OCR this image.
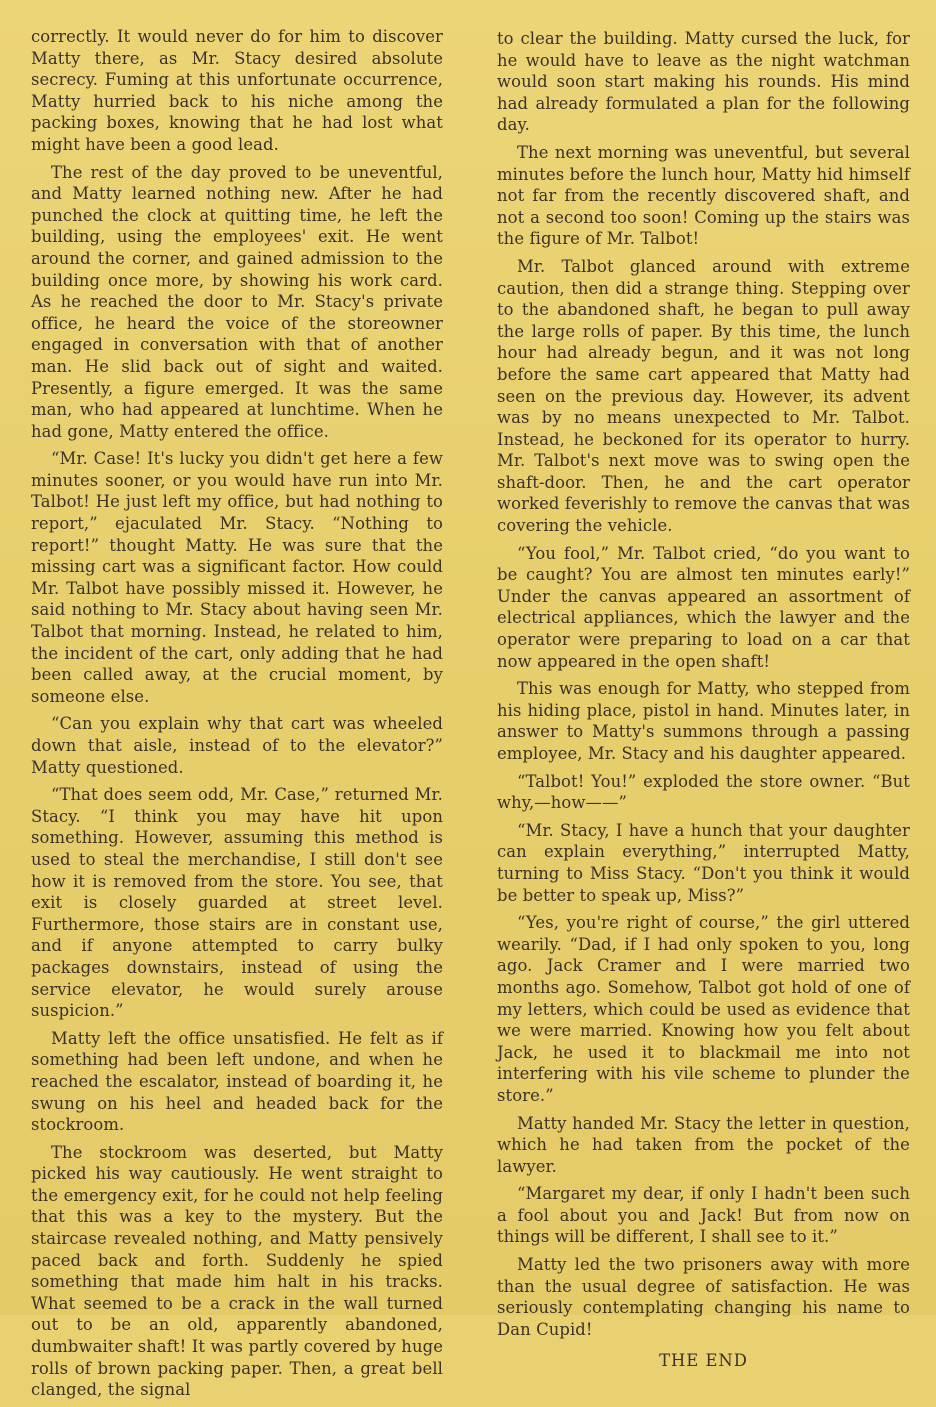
correctly. It would never do for him to discover Matty there, as Mr. Stacy desired absolute secrecy. Fuming at this unfortunate occurrence, Matty hurried back to his niche among the packing boxes, knowing that he had lost what might have been a good lead.

The rest of the day proved to be uneventful, and Matty learned nothing new. After he had punched the clock at quitting time, he left the building, using the employees' exit. He went around the corner, and gained admission to the building once more, by showing his work card. As he reached the door to Mr. Stacy's private office, he heard the voice of the storeowner engaged in conversation with that of another man. He slid back out of sight and waited. Presently, a figure emerged. It was the same man, who had appeared at lunchtime. When he had gone, Matty entered the office.

“Mr. Case! It's lucky you didn't get here a few minutes sooner, or you would have run into Mr. Talbot! He just left my office, but had nothing to report,” ejaculated Mr. Stacy. “Nothing to report!” thought Matty. He was sure that the missing cart was a significant factor. How could Mr. Talbot have possibly missed it. However, he said nothing to Mr. Stacy about having seen Mr. Talbot that morning. Instead, he related to him, the incident of the cart, only adding that he had been called away, at the crucial moment, by someone else.

“Can you explain why that cart was wheeled down that aisle, instead of to the elevator?” Matty questioned.

“That does seem odd, Mr. Case,” returned Mr. Stacy. “I think you may have hit upon something. However, assuming this method is used to steal the merchandise, I still don't see how it is removed from the store. You see, that exit is closely guarded at street level. Furthermore, those stairs are in constant use, and if anyone attempted to carry bulky packages downstairs, instead of using the service elevator, he would surely arouse suspicion.”

Matty left the office unsatisfied. He felt as if something had been left undone, and when he reached the escalator, instead of boarding it, he swung on his heel and headed back for the stockroom.

The stockroom was deserted, but Matty picked his way cautiously. He went straight to the emergency exit, for he could not help feeling that this was a key to the mystery. But the staircase revealed nothing, and Matty pensively paced back and forth. Suddenly he spied something that made him halt in his tracks. What seemed to be a crack in the wall turned out to be an old, apparently abandoned, dumbwaiter shaft! It was partly covered by huge rolls of brown packing paper. Then, a great bell clanged, the signal

to clear the building. Matty cursed the luck, for he would have to leave as the night watchman would soon start making his rounds. His mind had already formulated a plan for the following day.

The next morning was uneventful, but several minutes before the lunch hour, Matty hid himself not far from the recently discovered shaft, and not a second too soon! Coming up the stairs was the figure of Mr. Talbot!

Mr. Talbot glanced around with extreme caution, then did a strange thing. Stepping over to the abandoned shaft, he began to pull away the large rolls of paper. By this time, the lunch hour had already begun, and it was not long before the same cart appeared that Matty had seen on the previous day. However, its advent was by no means unexpected to Mr. Talbot. Instead, he beckoned for its operator to hurry. Mr. Talbot's next move was to swing open the shaft-door. Then, he and the cart operator worked feverishly to remove the canvas that was covering the vehicle.

“You fool,” Mr. Talbot cried, “do you want to be caught? You are almost ten minutes early!” Under the canvas appeared an assortment of electrical appliances, which the lawyer and the operator were preparing to load on a car that now appeared in the open shaft!

This was enough for Matty, who stepped from his hiding place, pistol in hand. Minutes later, in answer to Matty's summons through a passing employee, Mr. Stacy and his daughter appeared.

“Talbot! You!” exploded the store owner. “But why,—how——”

“Mr. Stacy, I have a hunch that your daughter can explain everything,” interrupted Matty, turning to Miss Stacy. “Don't you think it would be better to speak up, Miss?”

“Yes, you're right of course,” the girl uttered wearily. “Dad, if I had only spoken to you, long ago. Jack Cramer and I were married two months ago. Somehow, Talbot got hold of one of my letters, which could be used as evidence that we were married. Knowing how you felt about Jack, he used it to blackmail me into not interfering with his vile scheme to plunder the store.”

Matty handed Mr. Stacy the letter in question, which he had taken from the pocket of the lawyer.

“Margaret my dear, if only I hadn't been such a fool about you and Jack! But from now on things will be different, I shall see to it.”

Matty led the two prisoners away with more than the usual degree of satisfaction. He was seriously contemplating changing his name to Dan Cupid!

THE END
